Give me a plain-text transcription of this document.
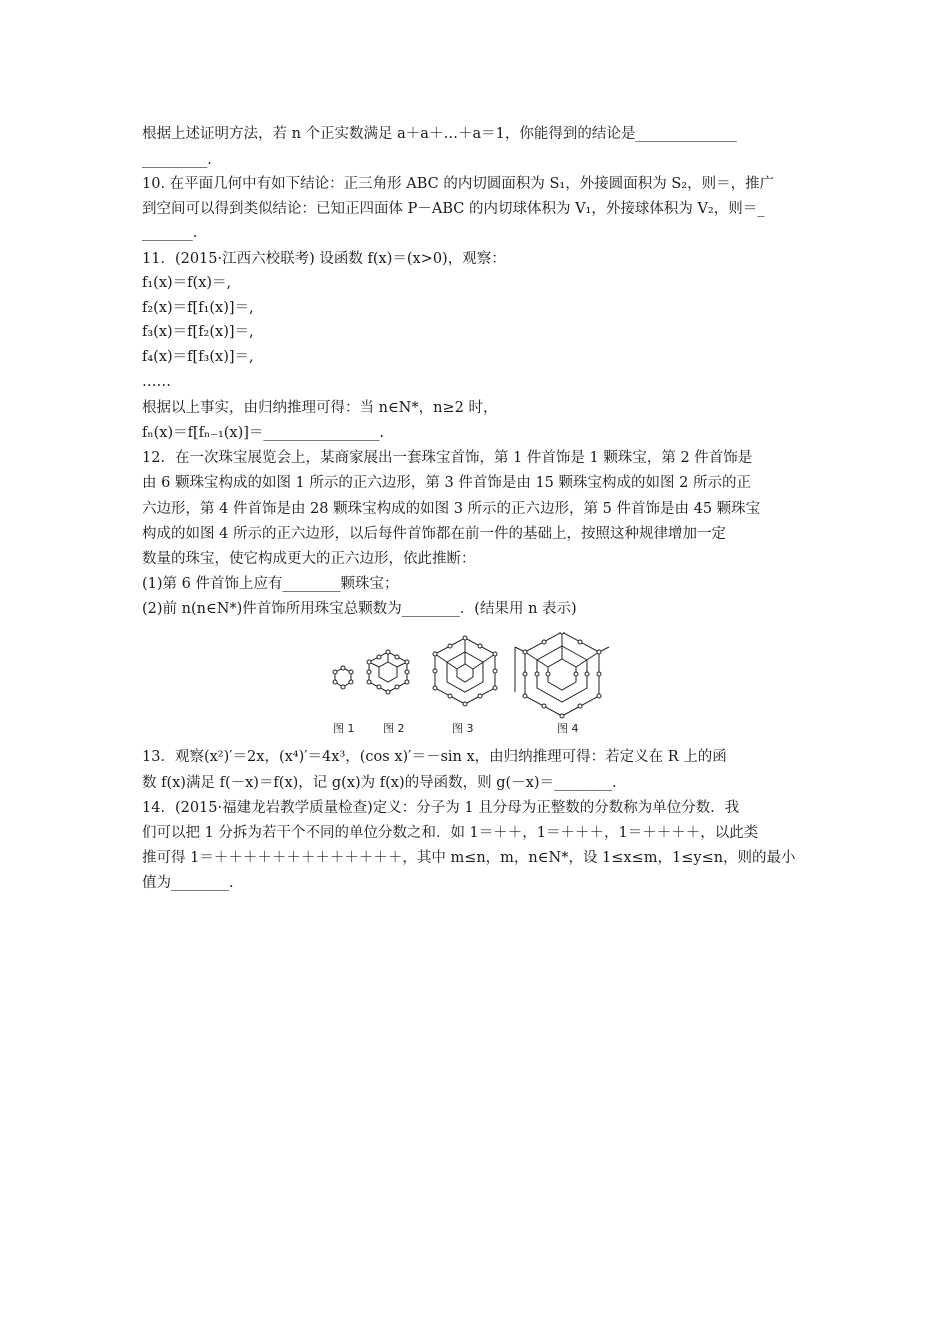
根据上述证明方法，若 n 个正实数满足 a＋a＋…＋a＝1，你能得到的结论是______________
_________.
10. 在平面几何中有如下结论：正三角形 ABC 的内切圆面积为 S₁，外接圆面积为 S₂，则＝，推广
到空间可以得到类似结论：已知正四面体 P－ABC 的内切球体积为 V₁，外接球体积为 V₂，则＝_
_______.
11．(2015·江西六校联考) 设函数 f(x)＝(x>0)，观察：
f₁(x)＝f(x)＝,
f₂(x)＝f[f₁(x)]＝,
f₃(x)＝f[f₂(x)]＝,
f₄(x)＝f[f₃(x)]＝,
……
根据以上事实，由归纳推理可得：当 n∈N*，n≥2 时，
fₙ(x)＝f[fₙ₋₁(x)]＝________________.
12．在一次珠宝展览会上，某商家展出一套珠宝首饰，第 1 件首饰是 1 颗珠宝，第 2 件首饰是
由 6 颗珠宝构成的如图 1 所示的正六边形，第 3 件首饰是由 15 颗珠宝构成的如图 2 所示的正
六边形，第 4 件首饰是由 28 颗珠宝构成的如图 3 所示的正六边形，第 5 件首饰是由 45 颗珠宝
构成的如图 4 所示的正六边形，以后每件首饰都在前一件的基础上，按照这种规律增加一定
数量的珠宝，使它构成更大的正六边形，依此推断：
(1)第 6 件首饰上应有________颗珠宝；
(2)前 n(n∈N*)件首饰所用珠宝总颗数为________．(结果用 n 表示)
图 1	图 2	图 3	图 4
13．观察(x²)′＝2x，(x⁴)′＝4x³，(cos x)′＝－sin x，由归纳推理可得：若定义在 R 上的函
数 f(x)满足 f(－x)＝f(x)，记 g(x)为 f(x)的导函数，则 g(－x)＝________.
14．(2015·福建龙岩教学质量检查)定义：分子为 1 且分母为正整数的分数称为单位分数．我
们可以把 1 分拆为若干个不同的单位分数之和．如 1＝＋＋，1＝＋＋＋，1＝＋＋＋＋，以此类
推可得 1＝＋＋＋＋＋＋＋＋＋＋＋＋＋，其中 m≤n，m，n∈N*，设 1≤x≤m，1≤y≤n，则的最小
值为________.
